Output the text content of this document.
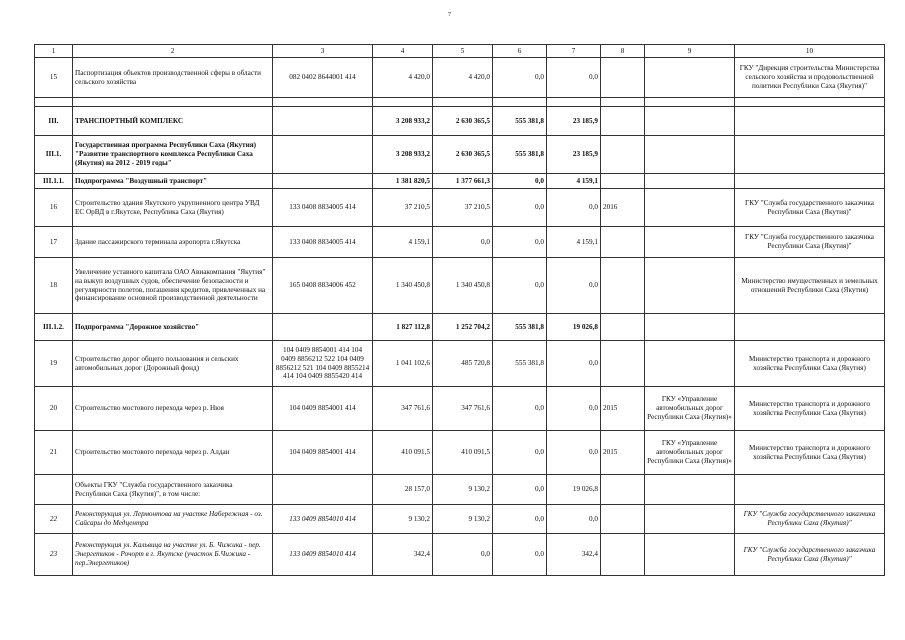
7
1	2	3	4	5	6	7	8	9	10
15	Паспортизация объектов производственной сферы в области сельского хозяйства	082 0402 8644001 414	4 420,0	4 420,0	0,0	0,0			ГКУ "Дирекция строительства Министерства сельского хозяйства и продовольственной политики Республики Саха (Якутия)"

III.	ТРАНСПОРТНЫЙ КОМПЛЕКС		3 208 933,2	2 630 365,5	555 381,8	23 185,9			
III.1.	Государственная программа Республики Саха (Якутия) "Развитие транспортного комплекса Республики Саха (Якутия) на 2012 - 2019 годы"		3 208 933,2	2 630 365,5	555 381,8	23 185,9			
III.1.1.	Подпрограмма "Воздушный транспорт"		1 381 820,5	1 377 661,3	0,0	4 159,1			
16	Строительство здания Якутского укрупненного центра УВД ЕС ОрВД в г.Якутске, Республика Саха (Якутия)	133 0408 8834005 414	37 210,5	37 210,5	0,0	0,0	2016		ГКУ "Служба государственного заказчика Республики Саха (Якутия)"
17	Здание пассажирского терминала аэропорта г.Якутска	133 0408 8834005 414	4 159,1	0,0	0,0	4 159,1			ГКУ "Служба государственного заказчика Республики Саха (Якутия)"
18	Увеличение уставного капитала ОАО Авиакомпания "Якутия" на выкуп воздушных судов, обеспечение безопасности и регулярности полетов, погашения кредитов, привлеченных на финансирование основной производственной деятельности	165 0408 8834006 452	1 340 450,8	1 340 450,8	0,0	0,0			Министерство имущественных и земельных отношений Республики Саха (Якутия)
III.1.2.	Подпрограмма "Дорожное хозяйство"		1 827 112,8	1 252 704,2	555 381,8	19 026,8			
19	Строительство дорог общего пользования и сельских автомобильных дорог (Дорожный фонд)	104 0409 8854001 414 104 0409 8856212 522 104 0409 8856212 521 104 0409 8855214 414 104 0409 8855420 414	1 041 102,6	485 720,8	555 381,8	0,0			Министерство транспорта и дорожного хозяйства Республики Саха (Якутия)
20	Строительство мостового перехода через р. Нюя	104 0409 8854001 414	347 761,6	347 761,6	0,0	0,0	2015	ГКУ «Управление автомобильных дорог Республики Саха (Якутия)»	Министерство транспорта и дорожного хозяйства Республики Саха (Якутия)
21	Строительство мостового перехода через р. Алдан	104 0409 8854001 414	410 091,5	410 091,5	0,0	0,0	2015	ГКУ «Управление автомобильных дорог Республики Саха (Якутия)»	Министерство транспорта и дорожного хозяйства Республики Саха (Якутия)
	Объекты ГКУ "Служба государственного заказчика Республики Саха (Якутия)", в том числе:		28 157,0	9 130,2	0,0	19 026,8			
22	Реконструкция ул. Лермонтова на участке Набережная - оз. Сайсары до Медцентра	133 0409 8854010 414	9 130,2	9 130,2	0,0	0,0			ГКУ "Служба государственного заказчика Республики Саха (Якутия)"
23	Реконструкция ул. Кальвица на участке ул. Б. Чижика - пер. Энергетиков - Рочорт в г. Якутске (участок Б.Чижика - пер.Энергетиков)	133 0409 8854010 414	342,4	0,0	0,0	342,4			ГКУ "Служба государственного заказчика Республики Саха (Якутия)"
